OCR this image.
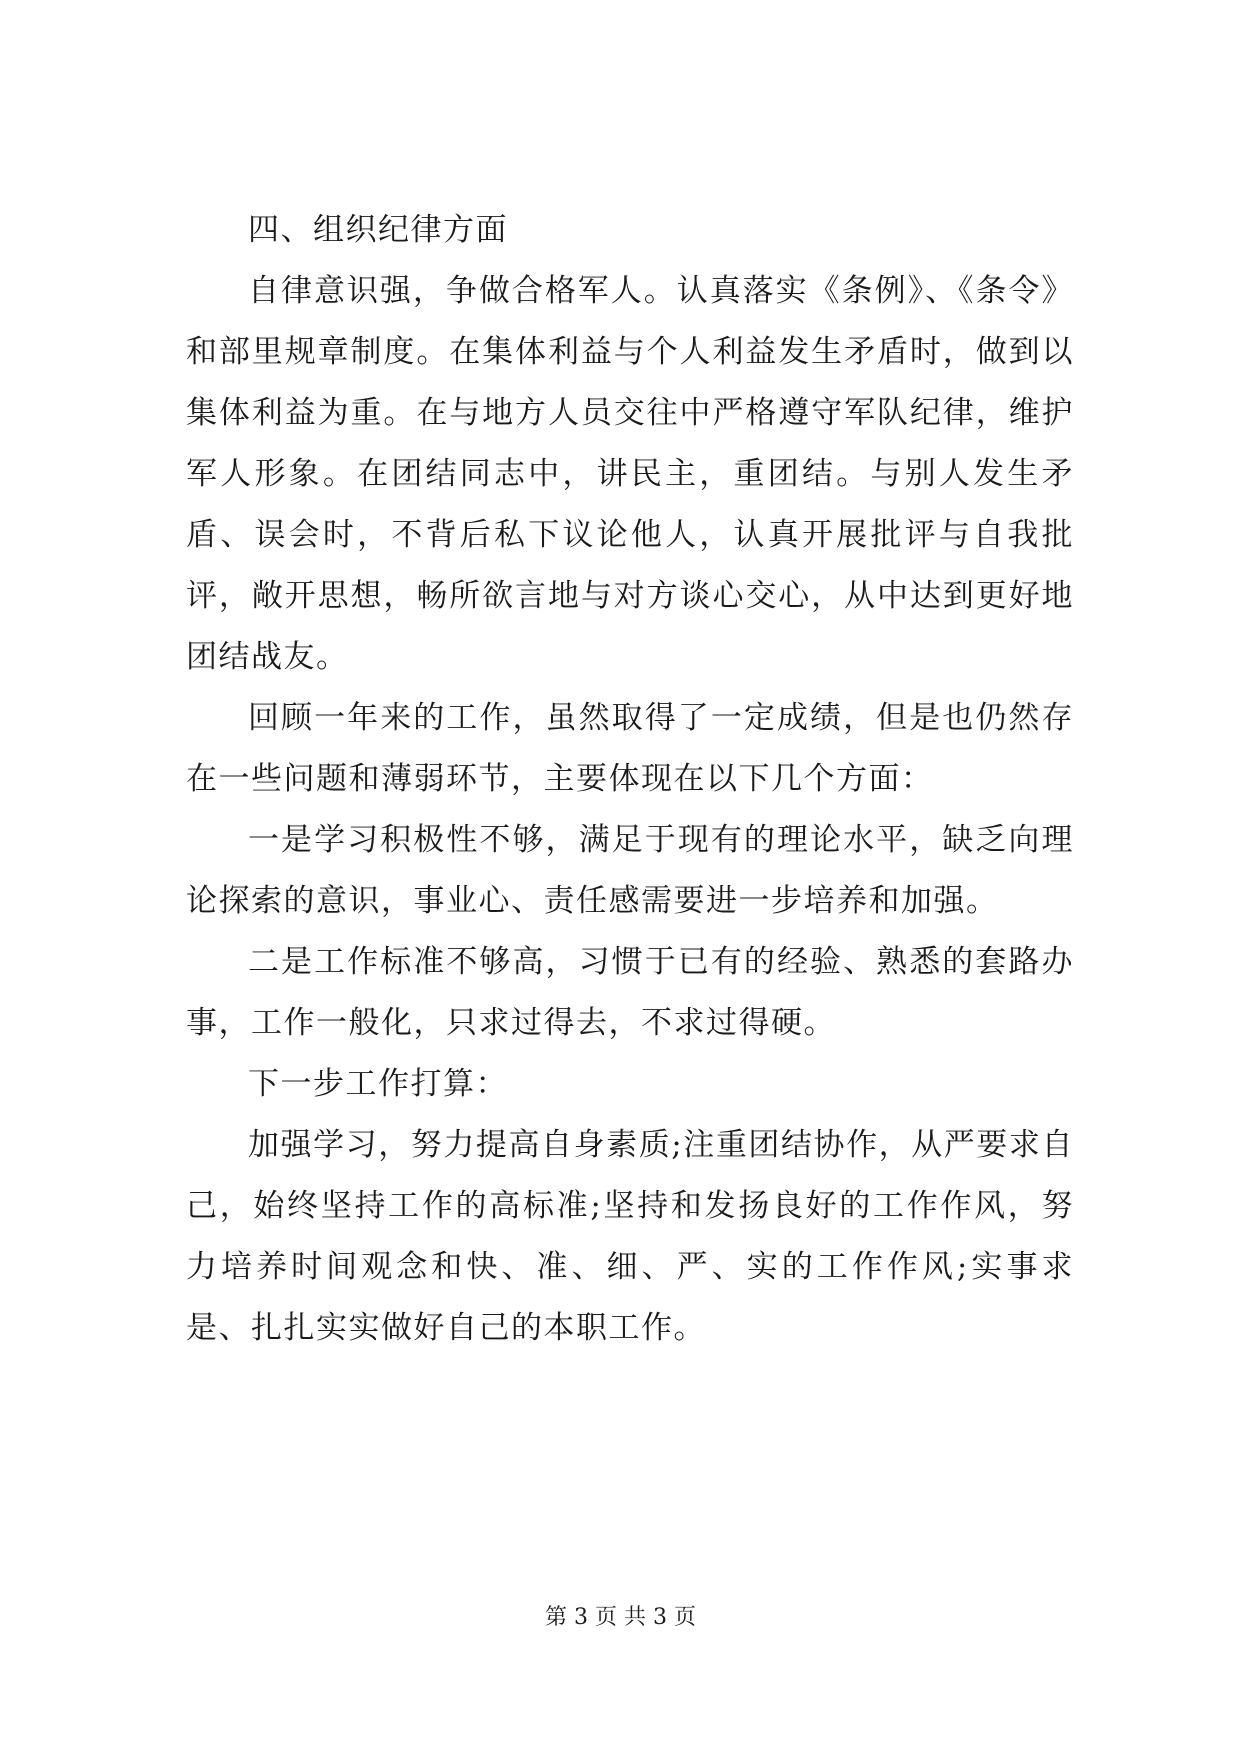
四、组织纪律方面

自律意识强，争做合格军人。认真落实《条例》、《条令》和部里规章制度。在集体利益与个人利益发生矛盾时，做到以集体利益为重。在与地方人员交往中严格遵守军队纪律，维护军人形象。在团结同志中，讲民主，重团结。与别人发生矛盾、误会时，不背后私下议论他人，认真开展批评与自我批评，敞开思想，畅所欲言地与对方谈心交心，从中达到更好地团结战友。

回顾一年来的工作，虽然取得了一定成绩，但是也仍然存在一些问题和薄弱环节，主要体现在以下几个方面：

一是学习积极性不够，满足于现有的理论水平，缺乏向理论探索的意识，事业心、责任感需要进一步培养和加强。

二是工作标准不够高，习惯于已有的经验、熟悉的套路办事，工作一般化，只求过得去，不求过得硬。

下一步工作打算：

加强学习，努力提高自身素质;注重团结协作，从严要求自己，始终坚持工作的高标准;坚持和发扬良好的工作作风，努力培养时间观念和快、准、细、严、实的工作作风;实事求是、扎扎实实做好自己的本职工作。

第 3 页 共 3 页
